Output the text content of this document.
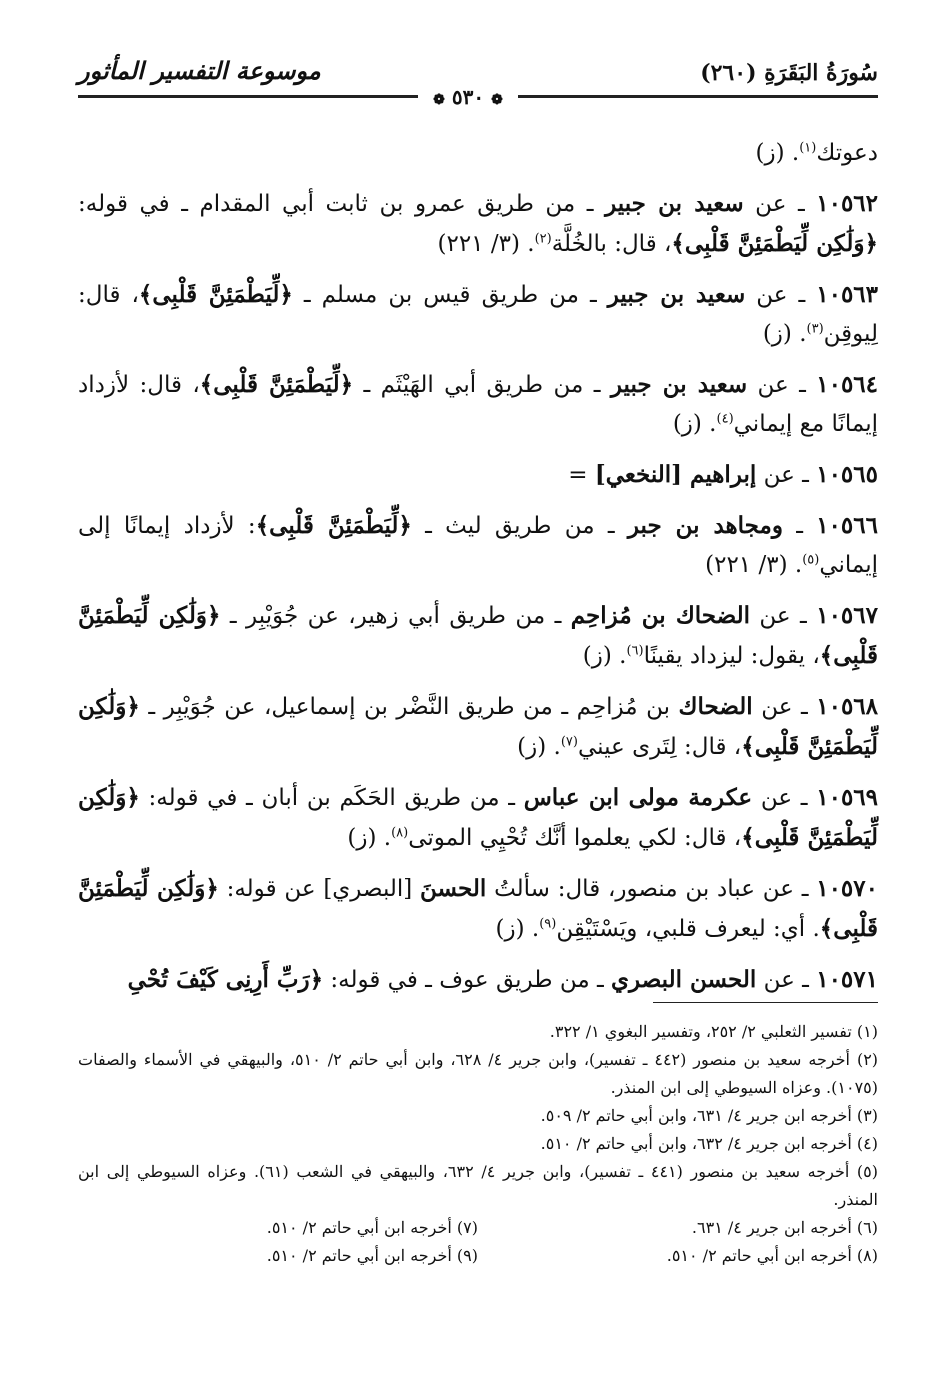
سُورَةُ البَقَرَةِ (٢٦٠)
موسوعة التفسير المأثور
❁ ٥٣٠ ❁

دعوتك$^{(١)}$. (ز)

١٠٥٦٢ ـ عن سعيد بن جبير ـ من طريق عمرو بن ثابت أبي المقدام ـ في قوله: ﴿وَلَٰكِن لِّيَطْمَئِنَّ قَلْبِى﴾، قال: بالخُلَّة$^{(٢)}$. (٣/ ٢٢١)

١٠٥٦٣ ـ عن سعيد بن جبير ـ من طريق قيس بن مسلم ـ ﴿لِّيَطْمَئِنَّ قَلْبِى﴾، قال: لِيوقِن$^{(٣)}$. (ز)

١٠٥٦٤ ـ عن سعيد بن جبير ـ من طريق أبي الهَيْثَم ـ ﴿لِّيَطْمَئِنَّ قَلْبِى﴾، قال: لأزداد إيمانًا مع إيماني$^{(٤)}$. (ز)

١٠٥٦٥ ـ عن إبراهيم [النخعي] =

١٠٥٦٦ ـ ومجاهد بن جبر ـ من طريق ليث ـ ﴿لِّيَطْمَئِنَّ قَلْبِى﴾: لأزداد إيمانًا إلى إيماني$^{(٥)}$. (٣/ ٢٢١)

١٠٥٦٧ ـ عن الضحاك بن مُزاحِم ـ من طريق أبي زهير، عن جُوَيْبِر ـ ﴿وَلَٰكِن لِّيَطْمَئِنَّ قَلْبِى﴾، يقول: ليزداد يقينًا$^{(٦)}$. (ز)

١٠٥٦٨ ـ عن الضحاك بن مُزاحِم ـ من طريق النَّضْر بن إسماعيل، عن جُوَيْبِر ـ ﴿وَلَٰكِن لِّيَطْمَئِنَّ قَلْبِى﴾، قال: لِتَرى عيني$^{(٧)}$. (ز)

١٠٥٦٩ ـ عن عكرمة مولى ابن عباس ـ من طريق الحَكَم بن أبان ـ في قوله: ﴿وَلَٰكِن لِّيَطْمَئِنَّ قَلْبِى﴾، قال: لكي يعلموا أنَّك تُحْيِي الموتى$^{(٨)}$. (ز)

١٠٥٧٠ ـ عن عباد بن منصور، قال: سألتُ الحسنَ [البصري] عن قوله: ﴿وَلَٰكِن لِّيَطْمَئِنَّ قَلْبِى﴾. أي: ليعرف قلبي، ويَسْتَيْقِن$^{(٩)}$. (ز)

١٠٥٧١ ـ عن الحسن البصري ـ من طريق عوف ـ في قوله: ﴿رَبِّ أَرِنِى كَيْفَ تُحْىِ

(١) تفسير الثعلبي ٢/ ٢٥٢، وتفسير البغوي ١/ ٣٢٢.

(٢) أخرجه سعيد بن منصور (٤٤٢ ـ تفسير)، وابن جرير ٤/ ٦٢٨، وابن أبي حاتم ٢/ ٥١٠، والبيهقي في الأسماء والصفات (١٠٧٥). وعزاه السيوطي إلى ابن المنذر.

(٣) أخرجه ابن جرير ٤/ ٦٣١، وابن أبي حاتم ٢/ ٥٠٩.

(٤) أخرجه ابن جرير ٤/ ٦٣٢، وابن أبي حاتم ٢/ ٥١٠.

(٥) أخرجه سعيد بن منصور (٤٤١ ـ تفسير)، وابن جرير ٤/ ٦٣٢، والبيهقي في الشعب (٦١). وعزاه السيوطي إلى ابن المنذر.

(٦) أخرجه ابن جرير ٤/ ٦٣١.

(٧) أخرجه ابن أبي حاتم ٢/ ٥١٠.

(٨) أخرجه ابن أبي حاتم ٢/ ٥١٠.

(٩) أخرجه ابن أبي حاتم ٢/ ٥١٠.
